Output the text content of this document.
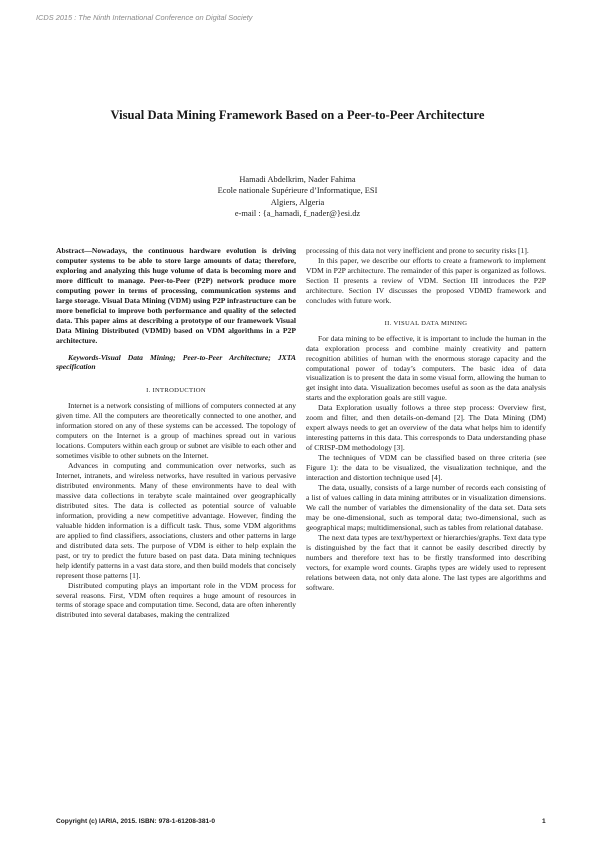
ICDS 2015 : The Ninth International Conference on Digital Society
Visual Data Mining Framework Based on a Peer-to-Peer Architecture
Hamadi Abdelkrim, Nader Fahima
Ecole nationale Supérieure d’Informatique, ESI
Algiers, Algeria
e-mail : {a_hamadi, f_nader@}esi.dz

Abstract—Nowadays, the continuous hardware evolution is driving computer systems to be able to store large amounts of data; therefore, exploring and analyzing this huge volume of data is becoming more and more difficult to manage. Peer-to-Peer (P2P) network produce more computing power in terms of processing, communication systems and large storage. Visual Data Mining (VDM) using P2P infrastructure can be more beneficial to improve both performance and quality of the selected data. This paper aims at describing a prototype of our framework Visual Data Mining Distributed (VDMD) based on VDM algorithms in a P2P architecture.

Keywords-Visual Data Mining; Peer-to-Peer Architecture; JXTA specification

I. INTRODUCTION

Internet is a network consisting of millions of computers connected at any given time. All the computers are theoretically connected to one another, and information stored on any of these systems can be accessed. The topology of computers on the Internet is a group of machines spread out in various locations. Computers within each group or subnet are visible to each other and sometimes visible to other subnets on the Internet.

Advances in computing and communication over networks, such as Internet, intranets, and wireless networks, have resulted in various pervasive distributed environments. Many of these environments have to deal with massive data collections in terabyte scale maintained over geographically distributed sites. The data is collected as potential source of valuable information, providing a new competitive advantage. However, finding the valuable hidden information is a difficult task. Thus, some VDM algorithms are applied to find classifiers, associations, clusters and other patterns in large and distributed data sets. The purpose of VDM is either to help explain the past, or try to predict the future based on past data. Data mining techniques help identify patterns in a vast data store, and then build models that concisely represent those patterns [1].

Distributed computing plays an important role in the VDM process for several reasons. First, VDM often requires a huge amount of resources in terms of storage space and computation time. Second, data are often inherently distributed into several databases, making the centralized

processing of this data not very inefficient and prone to security risks [1].

In this paper, we describe our efforts to create a framework to implement VDM in P2P architecture. The remainder of this paper is organized as follows. Section II presents a review of VDM. Section III introduces the P2P architecture. Section IV discusses the proposed VDMD framework and concludes with future work.

II. VISUAL DATA MINING

For data mining to be effective, it is important to include the human in the data exploration process and combine mainly creativity and pattern recognition abilities of human with the enormous storage capacity and the computational power of today’s computers. The basic idea of data visualization is to present the data in some visual form, allowing the human to get insight into data. Visualization becomes useful as soon as the data analysis starts and the exploration goals are still vague.

Data Exploration usually follows a three step process: Overview first, zoom and filter, and then details-on-demand [2]. The Data Mining (DM) expert always needs to get an overview of the data what helps him to identify interesting patterns in this data. This corresponds to Data understanding phase of CRISP-DM methodology [3].

The techniques of VDM can be classified based on three criteria (see Figure 1): the data to be visualized, the visualization technique, and the interaction and distortion technique used [4].

The data, usually, consists of a large number of records each consisting of a list of values calling in data mining attributes or in visualization dimensions. We call the number of variables the dimensionality of the data set. Data sets may be one-dimensional, such as temporal data; two-dimensional, such as geographical maps; multidimensional, such as tables from relational database.

The next data types are text/hypertext or hierarchies/graphs. Text data type is distinguished by the fact that it cannot be easily described directly by numbers and therefore text has to be firstly transformed into describing vectors, for example word counts. Graphs types are widely used to represent relations between data, not only data alone. The last types are algorithms and software.

Copyright (c) IARIA, 2015. ISBN: 978-1-61208-381-0	1
